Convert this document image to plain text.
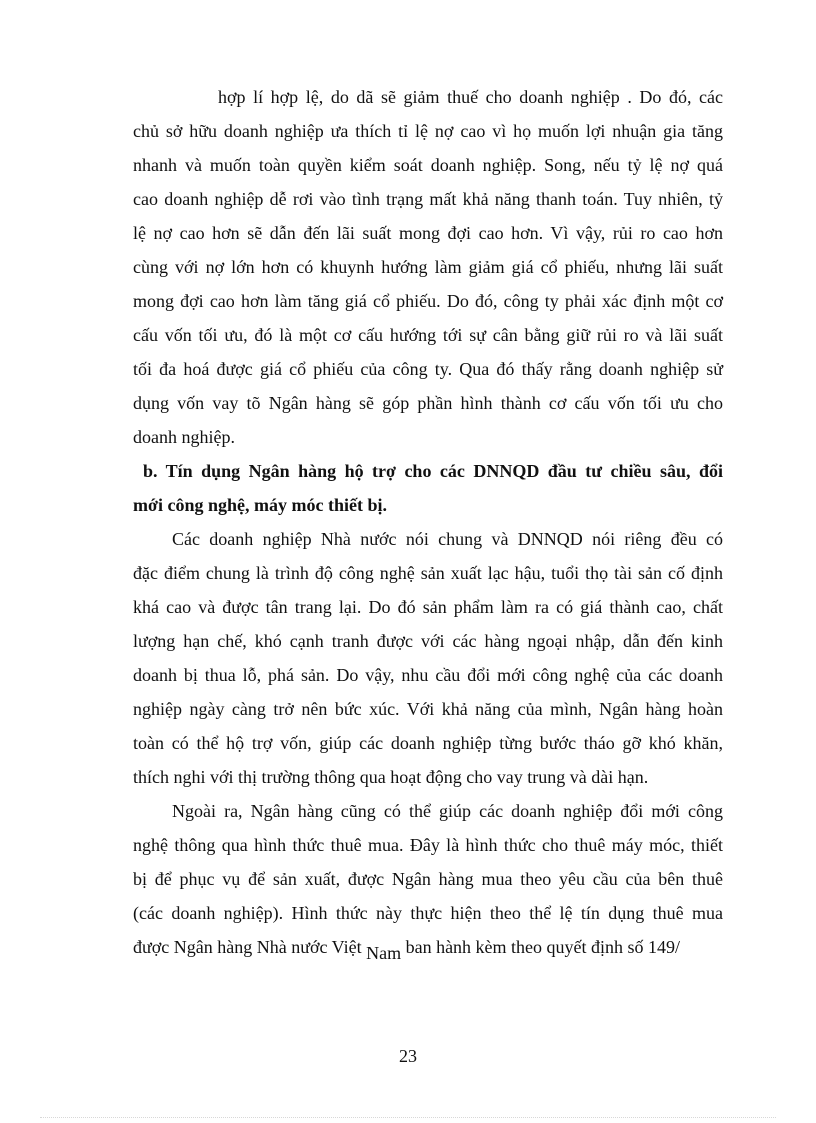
hợp lí hợp lệ, do dã sẽ giảm thuế cho doanh nghiệp . Do đó, các
chủ sở hữu doanh nghiệp ưa thích tỉ lệ nợ cao vì họ muốn lợi nhuận gia tăng
nhanh và muốn toàn quyền kiểm soát doanh nghiệp. Song, nếu tỷ lệ nợ quá
cao doanh nghiệp dễ rơi vào tình trạng mất khả năng thanh toán. Tuy nhiên, tỷ
lệ nợ cao hơn sẽ dẫn đến lãi suất mong đợi cao hơn. Vì vậy, rủi ro cao hơn
cùng với nợ lớn hơn có khuynh hướng làm giảm giá cổ phiếu, nhưng lãi suất
mong đợi cao hơn làm tăng giá cổ phiếu. Do đó, công ty phải xác định một cơ
cấu vốn tối ưu, đó là một cơ cấu hướng tới sự cân bằng giữ rủi ro và lãi suất
tối đa hoá được giá cổ phiếu của công ty. Qua đó thấy rằng doanh nghiệp sử
dụng vốn vay tõ Ngân hàng sẽ góp phần hình thành cơ cấu vốn tối ưu cho
doanh nghiệp.
b. Tín dụng Ngân hàng hộ trợ cho các DNNQD đầu tư chiều sâu, đổi
mới công nghệ, máy móc thiết bị.
Các doanh nghiệp Nhà nước nói chung và DNNQD nói riêng đều có
đặc điểm chung là trình độ công nghệ sản xuất lạc hậu, tuổi thọ tài sản cố định
khá cao và được tân trang lại. Do đó sản phẩm làm ra có giá thành cao, chất
lượng hạn chế, khó cạnh tranh được với các hàng ngoại nhập, dẫn đến kinh
doanh bị thua lỗ, phá sản. Do vậy, nhu cầu đổi mới công nghệ của các doanh
nghiệp ngày càng trở nên bức xúc. Với khả năng của mình, Ngân hàng hoàn
toàn có thể hộ trợ vốn, giúp các doanh nghiệp từng bước tháo gỡ khó khăn,
thích nghi với thị trường thông qua hoạt động cho vay trung và dài hạn.
Ngoài ra, Ngân hàng cũng có thể giúp các doanh nghiệp đổi mới công
nghệ thông qua hình thức thuê mua. Đây là hình thức cho thuê máy móc, thiết
bị để phục vụ để sản xuất, được Ngân hàng mua theo yêu cầu của bên thuê
(các doanh nghiệp). Hình thức này thực hiện theo thể lệ tín dụng thuê mua
được Ngân hàng Nhà nước Việt Nam ban hành kèm theo quyết định số 149/
23
